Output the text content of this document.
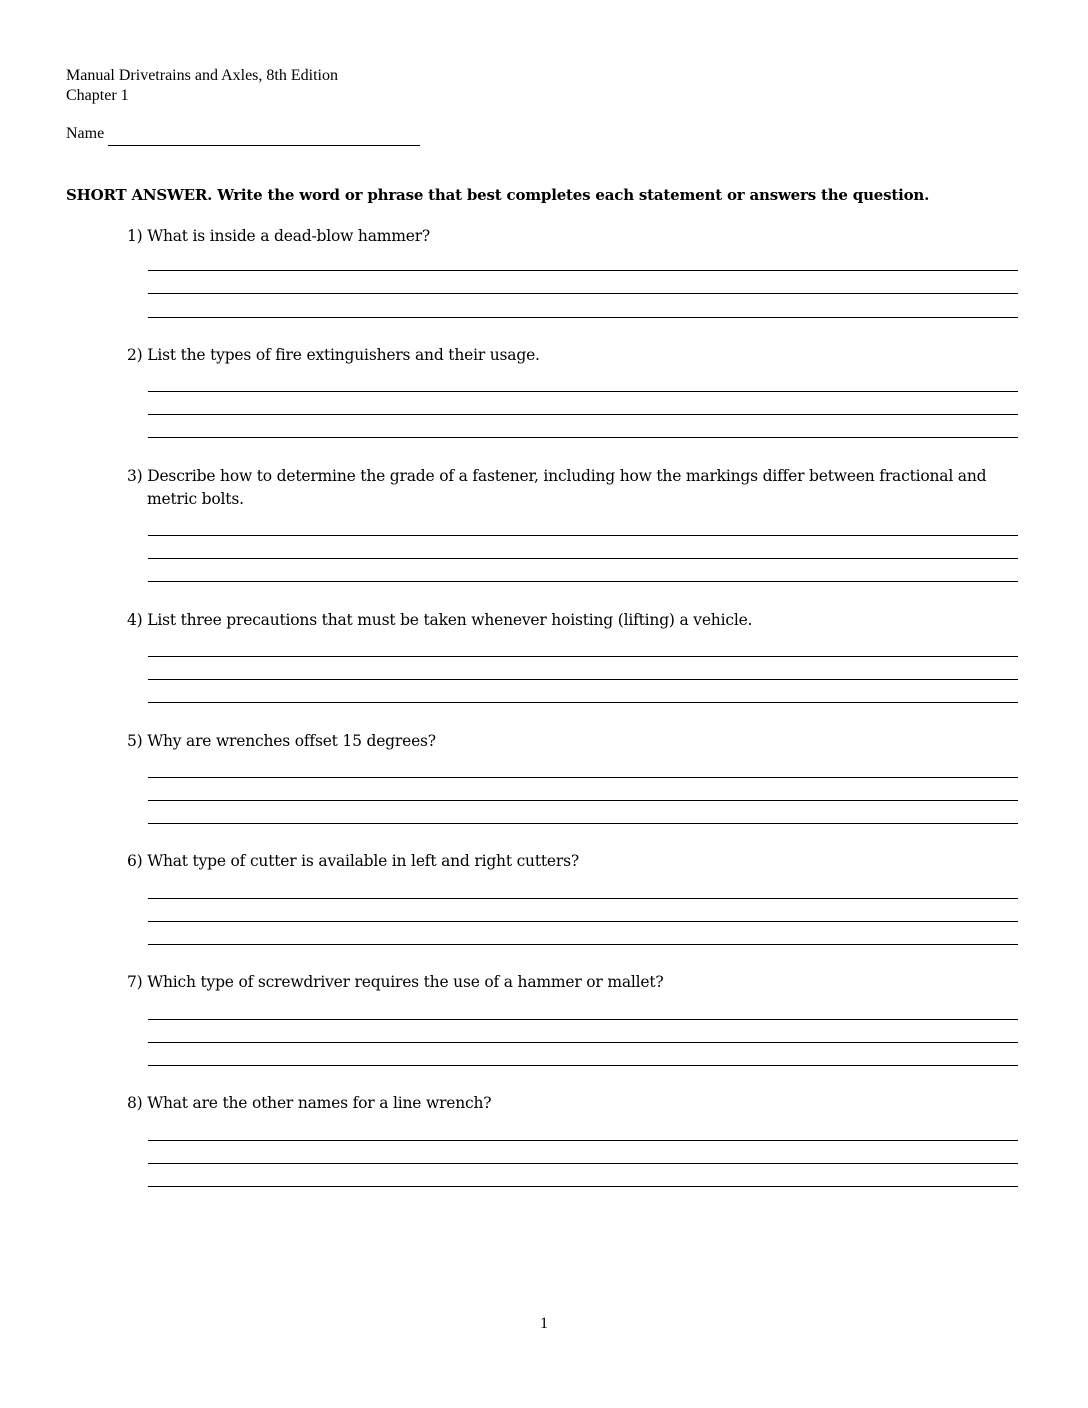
Manual Drivetrains and Axles, 8th Edition
Chapter 1
Name
SHORT ANSWER. Write the word or phrase that best completes each statement or answers the question.
1) What is inside a dead-blow hammer?
2) List the types of fire extinguishers and their usage.
3) Describe how to determine the grade of a fastener, including how the markings differ between fractional and metric bolts.
4) List three precautions that must be taken whenever hoisting (lifting) a vehicle.
5) Why are wrenches offset 15 degrees?
6) What type of cutter is available in left and right cutters?
7) Which type of screwdriver requires the use of a hammer or mallet?
8) What are the other names for a line wrench?
1
